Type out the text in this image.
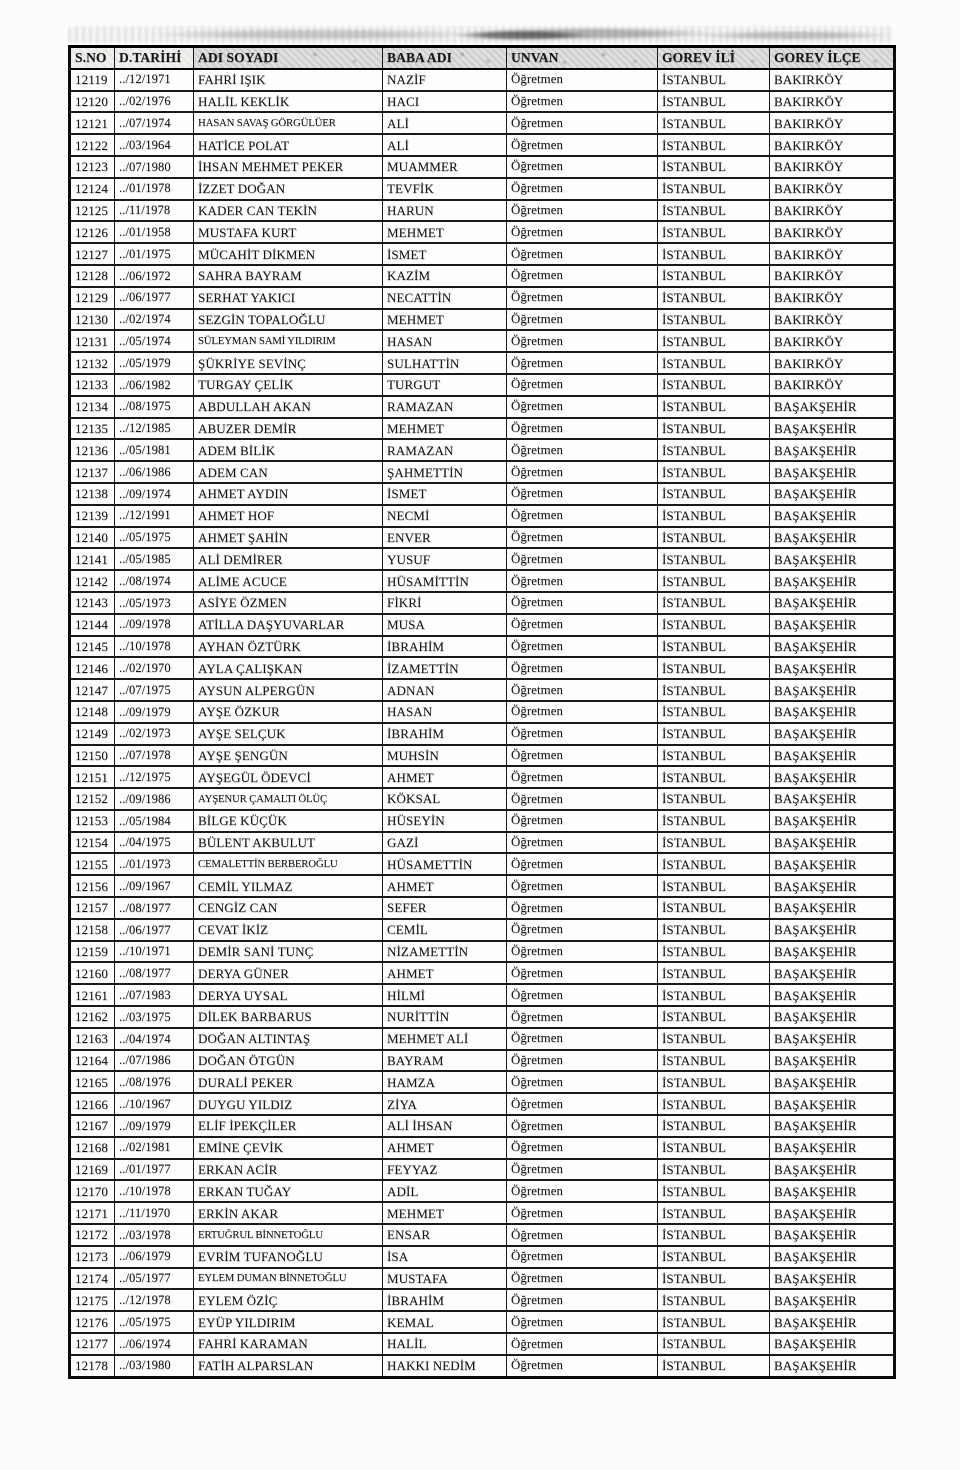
S.NO	D.TARİHİ	ADI SOYADI	BABA ADI	UNVAN	GOREV İLİ	GOREV İLÇE
12119	../12/1971	FAHRİ IŞIK	NAZİF	Öğretmen	İSTANBUL	BAKIRKÖY
12120	../02/1976	HALİL KEKLİK	HACI	Öğretmen	İSTANBUL	BAKIRKÖY
12121	../07/1974	HASAN SAVAŞ GÖRGÜLÜER	ALİ	Öğretmen	İSTANBUL	BAKIRKÖY
12122	../03/1964	HATİCE POLAT	ALİ	Öğretmen	İSTANBUL	BAKIRKÖY
12123	../07/1980	İHSAN MEHMET PEKER	MUAMMER	Öğretmen	İSTANBUL	BAKIRKÖY
12124	../01/1978	İZZET DOĞAN	TEVFİK	Öğretmen	İSTANBUL	BAKIRKÖY
12125	../11/1978	KADER CAN TEKİN	HARUN	Öğretmen	İSTANBUL	BAKIRKÖY
12126	../01/1958	MUSTAFA KURT	MEHMET	Öğretmen	İSTANBUL	BAKIRKÖY
12127	../01/1975	MÜCAHİT DİKMEN	İSMET	Öğretmen	İSTANBUL	BAKIRKÖY
12128	../06/1972	SAHRA BAYRAM	KAZİM	Öğretmen	İSTANBUL	BAKIRKÖY
12129	../06/1977	SERHAT YAKICI	NECATTİN	Öğretmen	İSTANBUL	BAKIRKÖY
12130	../02/1974	SEZGİN TOPALOĞLU	MEHMET	Öğretmen	İSTANBUL	BAKIRKÖY
12131	../05/1974	SÜLEYMAN SAMİ YILDIRIM	HASAN	Öğretmen	İSTANBUL	BAKIRKÖY
12132	../05/1979	ŞÜKRİYE SEVİNÇ	SULHATTİN	Öğretmen	İSTANBUL	BAKIRKÖY
12133	../06/1982	TURGAY ÇELİK	TURGUT	Öğretmen	İSTANBUL	BAKIRKÖY
12134	../08/1975	ABDULLAH AKAN	RAMAZAN	Öğretmen	İSTANBUL	BAŞAKŞEHİR
12135	../12/1985	ABUZER DEMİR	MEHMET	Öğretmen	İSTANBUL	BAŞAKŞEHİR
12136	../05/1981	ADEM BİLİK	RAMAZAN	Öğretmen	İSTANBUL	BAŞAKŞEHİR
12137	../06/1986	ADEM CAN	ŞAHMETTİN	Öğretmen	İSTANBUL	BAŞAKŞEHİR
12138	../09/1974	AHMET AYDIN	İSMET	Öğretmen	İSTANBUL	BAŞAKŞEHİR
12139	../12/1991	AHMET HOF	NECMİ	Öğretmen	İSTANBUL	BAŞAKŞEHİR
12140	../05/1975	AHMET ŞAHİN	ENVER	Öğretmen	İSTANBUL	BAŞAKŞEHİR
12141	../05/1985	ALİ DEMİRER	YUSUF	Öğretmen	İSTANBUL	BAŞAKŞEHİR
12142	../08/1974	ALİME ACUCE	HÜSAMİTTİN	Öğretmen	İSTANBUL	BAŞAKŞEHİR
12143	../05/1973	ASİYE ÖZMEN	FİKRİ	Öğretmen	İSTANBUL	BAŞAKŞEHİR
12144	../09/1978	ATİLLA DAŞYUVARLAR	MUSA	Öğretmen	İSTANBUL	BAŞAKŞEHİR
12145	../10/1978	AYHAN ÖZTÜRK	İBRAHİM	Öğretmen	İSTANBUL	BAŞAKŞEHİR
12146	../02/1970	AYLA ÇALIŞKAN	İZAMETTİN	Öğretmen	İSTANBUL	BAŞAKŞEHİR
12147	../07/1975	AYSUN ALPERGÜN	ADNAN	Öğretmen	İSTANBUL	BAŞAKŞEHİR
12148	../09/1979	AYŞE ÖZKUR	HASAN	Öğretmen	İSTANBUL	BAŞAKŞEHİR
12149	../02/1973	AYŞE SELÇUK	İBRAHİM	Öğretmen	İSTANBUL	BAŞAKŞEHİR
12150	../07/1978	AYŞE ŞENGÜN	MUHSİN	Öğretmen	İSTANBUL	BAŞAKŞEHİR
12151	../12/1975	AYŞEGÜL ÖDEVCİ	AHMET	Öğretmen	İSTANBUL	BAŞAKŞEHİR
12152	../09/1986	AYŞENUR ÇAMALTI ÖLÜÇ	KÖKSAL	Öğretmen	İSTANBUL	BAŞAKŞEHİR
12153	../05/1984	BİLGE KÜÇÜK	HÜSEYİN	Öğretmen	İSTANBUL	BAŞAKŞEHİR
12154	../04/1975	BÜLENT AKBULUT	GAZİ	Öğretmen	İSTANBUL	BAŞAKŞEHİR
12155	../01/1973	CEMALETTİN BERBEROĞLU	HÜSAMETTİN	Öğretmen	İSTANBUL	BAŞAKŞEHİR
12156	../09/1967	CEMİL YILMAZ	AHMET	Öğretmen	İSTANBUL	BAŞAKŞEHİR
12157	../08/1977	CENGİZ CAN	SEFER	Öğretmen	İSTANBUL	BAŞAKŞEHİR
12158	../06/1977	CEVAT İKİZ	CEMİL	Öğretmen	İSTANBUL	BAŞAKŞEHİR
12159	../10/1971	DEMİR SANİ TUNÇ	NİZAMETTİN	Öğretmen	İSTANBUL	BAŞAKŞEHİR
12160	../08/1977	DERYA GÜNER	AHMET	Öğretmen	İSTANBUL	BAŞAKŞEHİR
12161	../07/1983	DERYA UYSAL	HİLMİ	Öğretmen	İSTANBUL	BAŞAKŞEHİR
12162	../03/1975	DİLEK BARBARUS	NURİTTİN	Öğretmen	İSTANBUL	BAŞAKŞEHİR
12163	../04/1974	DOĞAN ALTINTAŞ	MEHMET ALİ	Öğretmen	İSTANBUL	BAŞAKŞEHİR
12164	../07/1986	DOĞAN ÖTGÜN	BAYRAM	Öğretmen	İSTANBUL	BAŞAKŞEHİR
12165	../08/1976	DURALİ PEKER	HAMZA	Öğretmen	İSTANBUL	BAŞAKŞEHİR
12166	../10/1967	DUYGU YILDIZ	ZİYA	Öğretmen	İSTANBUL	BAŞAKŞEHİR
12167	../09/1979	ELİF İPEKÇİLER	ALİ İHSAN	Öğretmen	İSTANBUL	BAŞAKŞEHİR
12168	../02/1981	EMİNE ÇEVİK	AHMET	Öğretmen	İSTANBUL	BAŞAKŞEHİR
12169	../01/1977	ERKAN ACİR	FEYYAZ	Öğretmen	İSTANBUL	BAŞAKŞEHİR
12170	../10/1978	ERKAN TUĞAY	ADİL	Öğretmen	İSTANBUL	BAŞAKŞEHİR
12171	../11/1970	ERKİN AKAR	MEHMET	Öğretmen	İSTANBUL	BAŞAKŞEHİR
12172	../03/1978	ERTUĞRUL BİNNETOĞLU	ENSAR	Öğretmen	İSTANBUL	BAŞAKŞEHİR
12173	../06/1979	EVRİM TUFANOĞLU	İSA	Öğretmen	İSTANBUL	BAŞAKŞEHİR
12174	../05/1977	EYLEM DUMAN BİNNETOĞLU	MUSTAFA	Öğretmen	İSTANBUL	BAŞAKŞEHİR
12175	../12/1978	EYLEM ÖZİÇ	İBRAHİM	Öğretmen	İSTANBUL	BAŞAKŞEHİR
12176	../05/1975	EYÜP YILDIRIM	KEMAL	Öğretmen	İSTANBUL	BAŞAKŞEHİR
12177	../06/1974	FAHRİ KARAMAN	HALİL	Öğretmen	İSTANBUL	BAŞAKŞEHİR
12178	../03/1980	FATİH ALPARSLAN	HAKKI NEDİM	Öğretmen	İSTANBUL	BAŞAKŞEHİR
